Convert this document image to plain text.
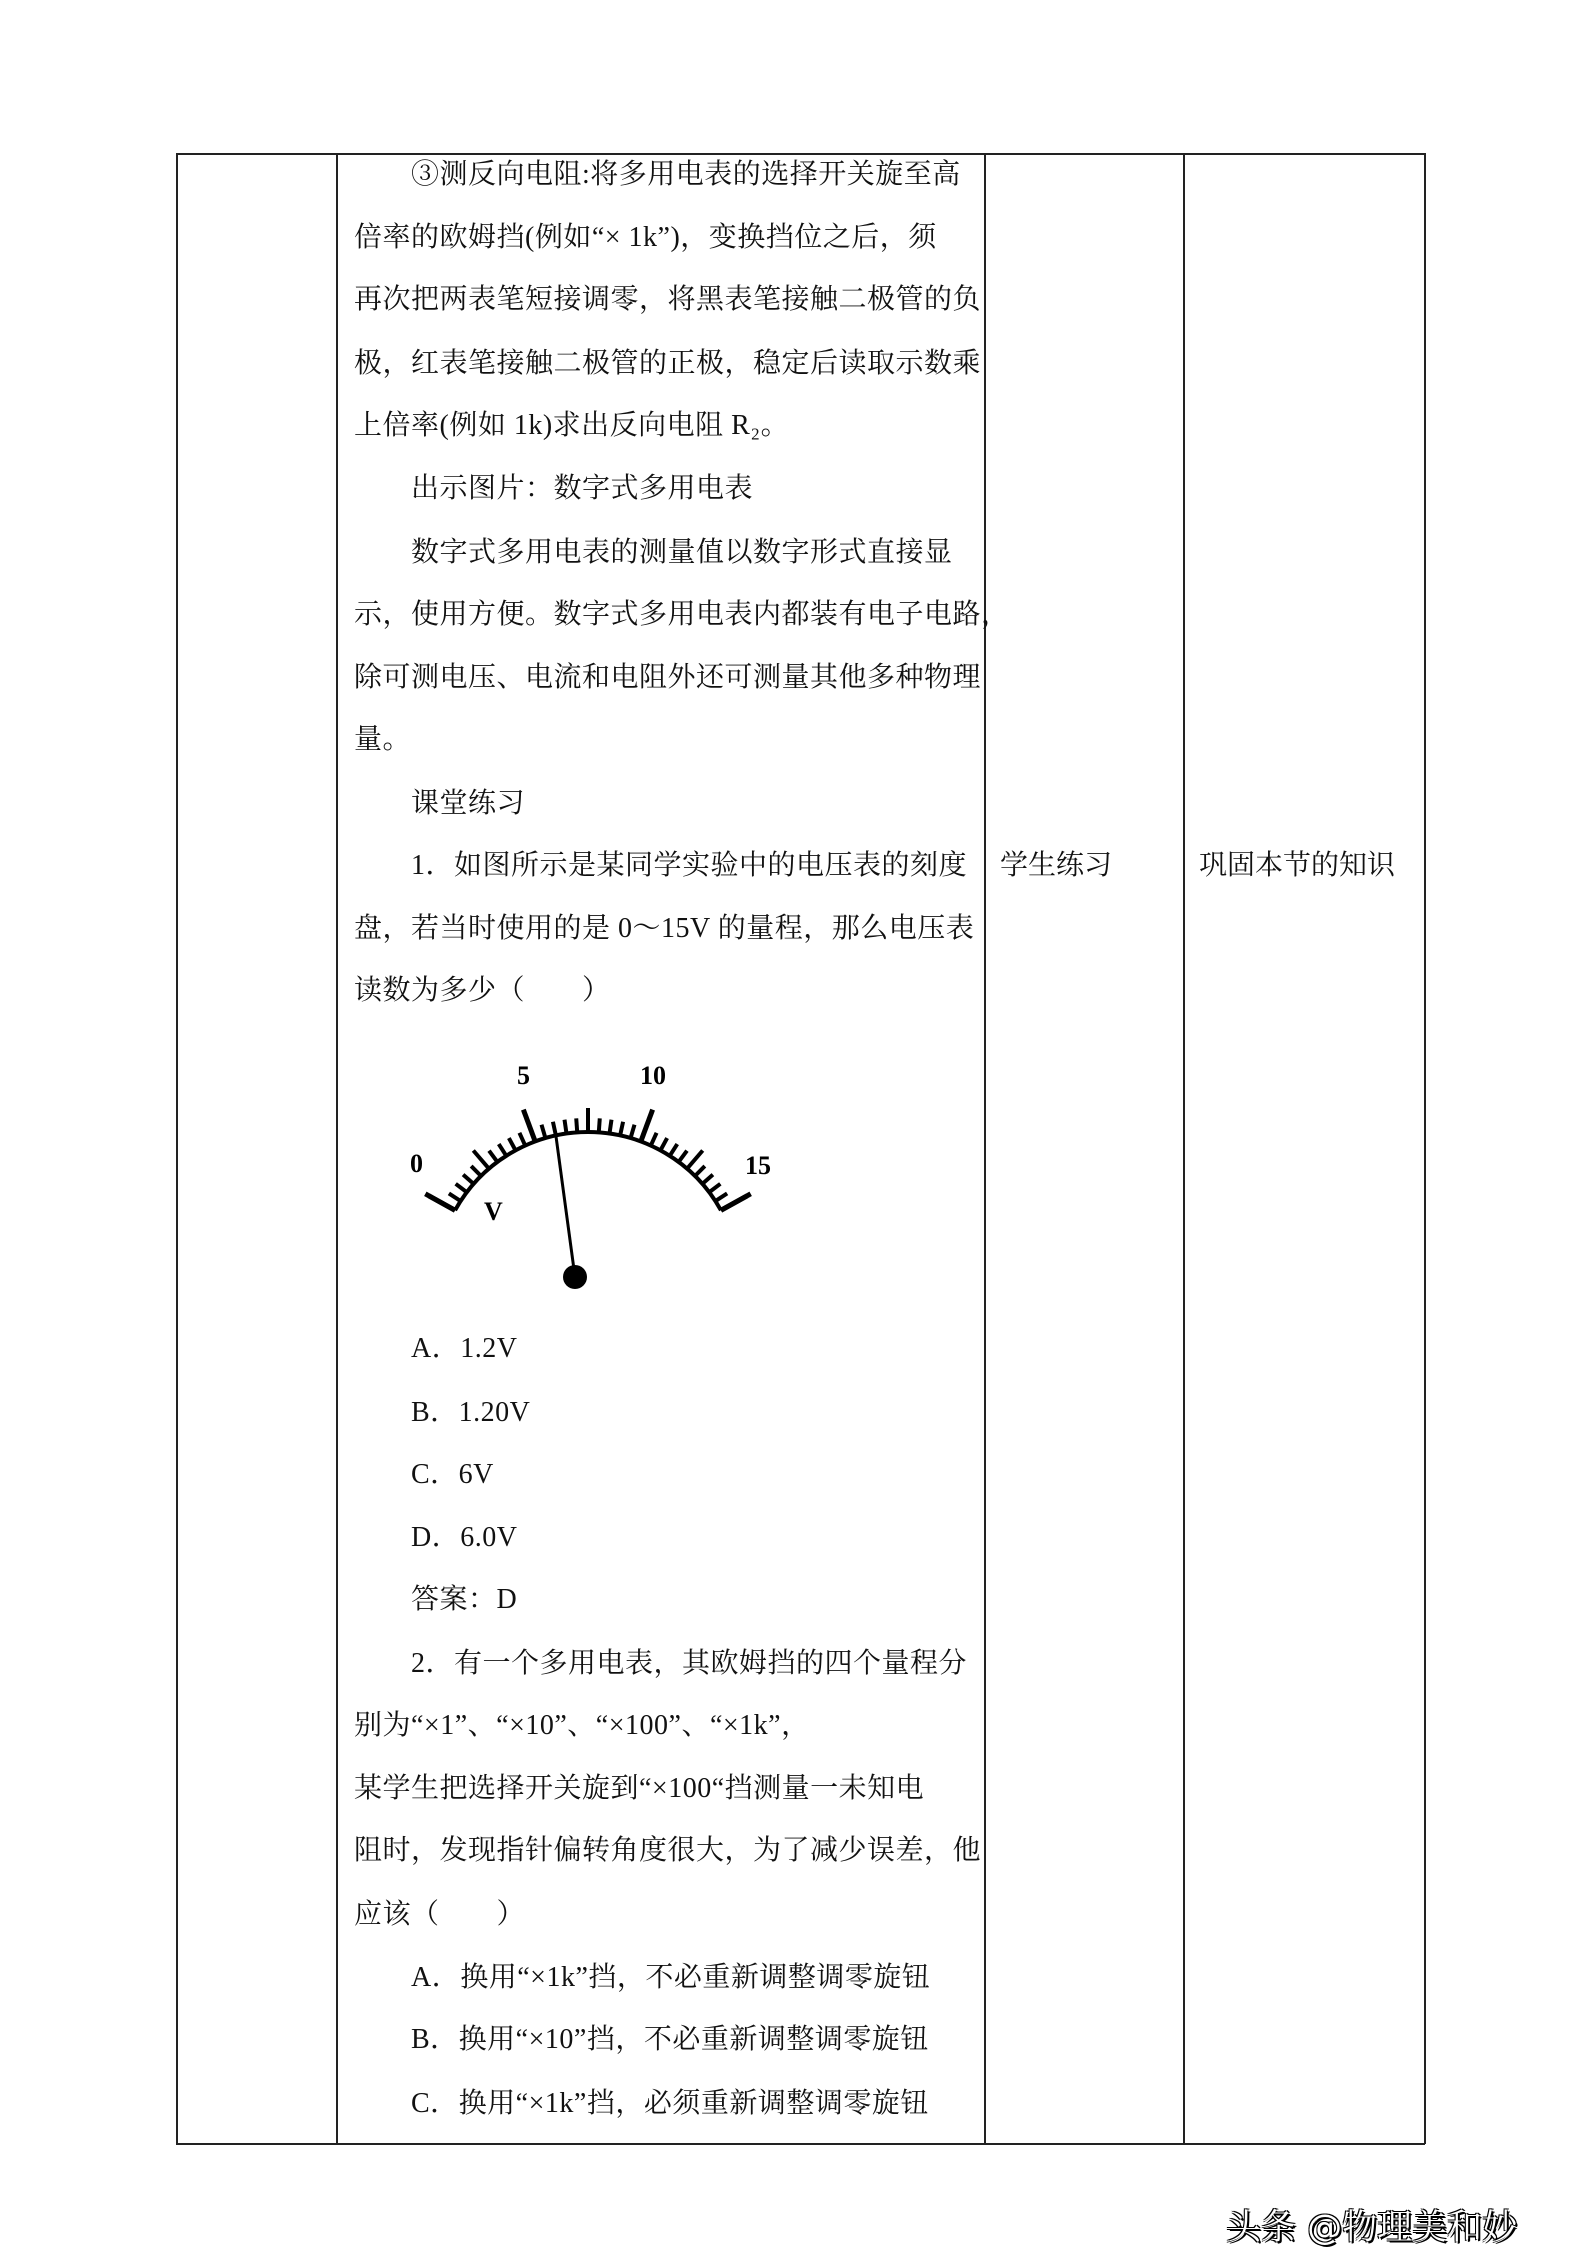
③测反向电阻:将多用电表的选择开关旋至高
倍率的欧姆挡(例如“× 1k”)，变换挡位之后，须
再次把两表笔短接调零，将黑表笔接触二极管的负
极，红表笔接触二极管的正极，稳定后读取示数乘
上倍率(例如 1k)求出反向电阻 R₂。
出示图片：数字式多用电表
数字式多用电表的测量值以数字形式直接显
示，使用方便。数字式多用电表内都装有电子电路，
除可测电压、电流和电阻外还可测量其他多种物理
量。
课堂练习
1．如图所示是某同学实验中的电压表的刻度
盘，若当时使用的是 0～15V 的量程，那么电压表
读数为多少（　　）
A．1.2V
B．1.20V
C．6V
D．6.0V
答案：D
2．有一个多用电表，其欧姆挡的四个量程分
别为“×1”、“×10”、“×100”、“×1k”，
某学生把选择开关旋到“×100“挡测量一未知电
阻时，发现指针偏转角度很大，为了减少误差，他
应该（　　）
A．换用“×1k”挡，不必重新调整调零旋钮
B．换用“×10”挡，不必重新调整调零旋钮
C．换用“×1k”挡，必须重新调整调零旋钮
学生练习	巩固本节的知识
0
5	10
15
V
头条 @物理美和妙
